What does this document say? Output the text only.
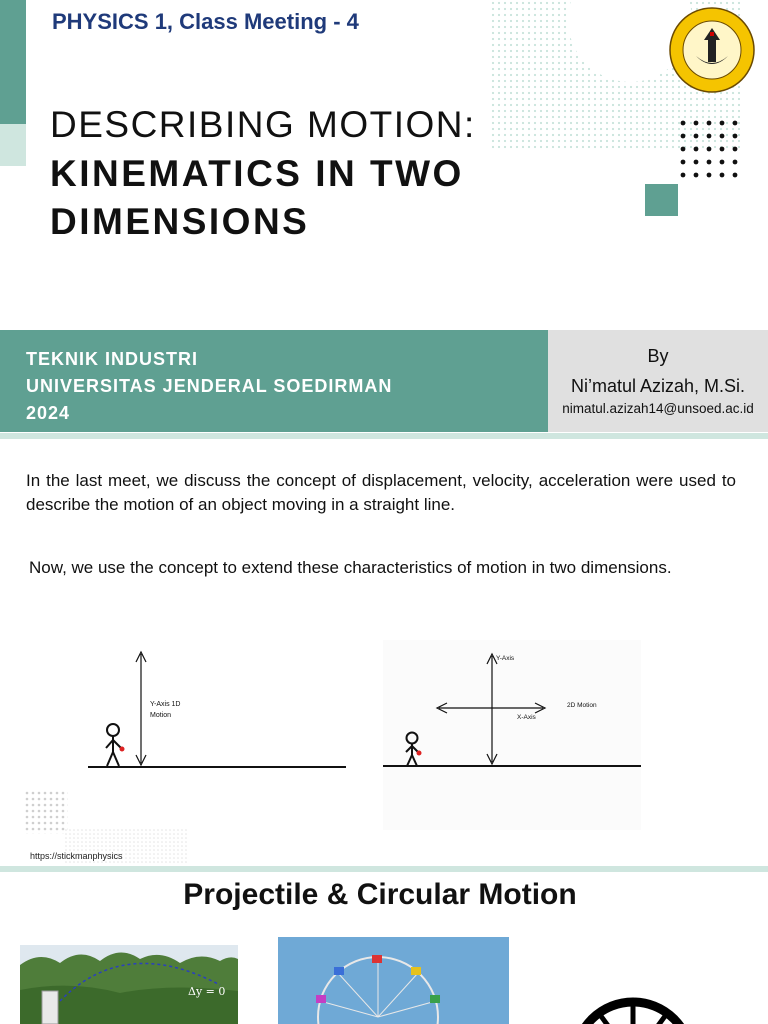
PHYSICS 1, Class Meeting - 4
DESCRIBING MOTION:
KINEMATICS IN TWO
DIMENSIONS
TEKNIK INDUSTRI
UNIVERSITAS JENDERAL SOEDIRMAN
2024
By
Ni’matul Azizah, M.Si.
nimatul.azizah14@unsoed.ac.id
In the last meet, we discuss the concept of displacement, velocity, acceleration were used to describe the motion of an object moving in a straight line.
Now, we use the concept to extend these characteristics of motion in two dimensions.
Y-Axis 1D
Motion
Y-Axis
X-Axis
2D Motion
https://stickmanphysics
Projectile & Circular Motion
Δy = 0
